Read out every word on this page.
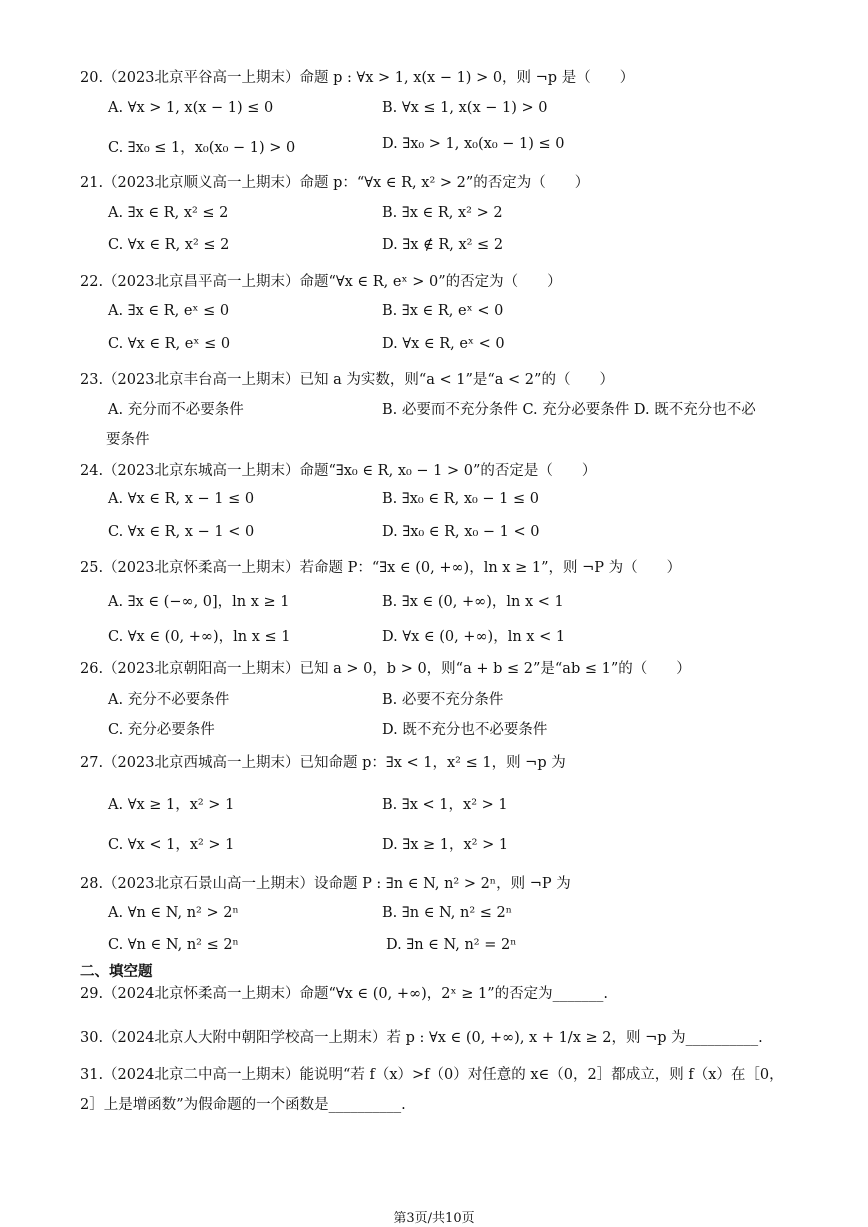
20.（2023北京平谷高一上期末）命题 p : ∀x > 1, x(x − 1) > 0，则 ¬p 是（　　）
A. ∀x > 1, x(x − 1) ≤ 0	B. ∀x ≤ 1, x(x − 1) > 0
C. ∃x₀ ≤ 1，x₀(x₀ − 1) > 0	D. ∃x₀ > 1, x₀(x₀ − 1) ≤ 0
21.（2023北京顺义高一上期末）命题 p：“∀x ∈ R, x² > 2”的否定为（　　）
A. ∃x ∈ R, x² ≤ 2	B. ∃x ∈ R, x² > 2
C. ∀x ∈ R, x² ≤ 2	D. ∃x ∉ R, x² ≤ 2
22.（2023北京昌平高一上期末）命题“∀x ∈ R, eˣ > 0”的否定为（　　）
A. ∃x ∈ R, eˣ ≤ 0	B. ∃x ∈ R, eˣ < 0
C. ∀x ∈ R, eˣ ≤ 0	D. ∀x ∈ R, eˣ < 0
23.（2023北京丰台高一上期末）已知 a 为实数，则“a < 1”是“a < 2”的（　　）
A. 充分而不必要条件	B. 必要而不充分条件 C. 充分必要条件 D. 既不充分也不必
要条件
24.（2023北京东城高一上期末）命题“∃x₀ ∈ R, x₀ − 1 > 0”的否定是（　　）
A. ∀x ∈ R, x − 1 ≤ 0	B. ∃x₀ ∈ R, x₀ − 1 ≤ 0
C. ∀x ∈ R, x − 1 < 0	D. ∃x₀ ∈ R, x₀ − 1 < 0
25.（2023北京怀柔高一上期末）若命题 P：“∃x ∈ (0, +∞)，ln x ≥ 1”，则 ¬P 为（　　）
A. ∃x ∈ (−∞, 0]，ln x ≥ 1	B. ∃x ∈ (0, +∞)，ln x < 1
C. ∀x ∈ (0, +∞)，ln x ≤ 1	D. ∀x ∈ (0, +∞)，ln x < 1
26.（2023北京朝阳高一上期末）已知 a > 0，b > 0，则“a + b ≤ 2”是“ab ≤ 1”的（　　）
A. 充分不必要条件	B. 必要不充分条件
C. 充分必要条件	D. 既不充分也不必要条件
27.（2023北京西城高一上期末）已知命题 p：∃x < 1，x² ≤ 1，则 ¬p 为
A. ∀x ≥ 1，x² > 1	B. ∃x < 1，x² > 1
C. ∀x < 1，x² > 1	D. ∃x ≥ 1，x² > 1
28.（2023北京石景山高一上期末）设命题 P : ∃n ∈ N, n² > 2ⁿ，则 ¬P 为
A. ∀n ∈ N, n² > 2ⁿ	B. ∃n ∈ N, n² ≤ 2ⁿ
C. ∀n ∈ N, n² ≤ 2ⁿ	D. ∃n ∈ N, n² = 2ⁿ
二、填空题
29.（2024北京怀柔高一上期末）命题“∀x ∈ (0, +∞)，2ˣ ≥ 1”的否定为_______.
30.（2024北京人大附中朝阳学校高一上期末）若 p : ∀x ∈ (0, +∞), x + 1/x ≥ 2，则 ¬p 为__________.
31.（2024北京二中高一上期末）能说明“若 f（x）>f（0）对任意的 x∈（0，2］都成立，则 f（x）在［0，
2］上是增函数”为假命题的一个函数是__________.
第3页/共10页
